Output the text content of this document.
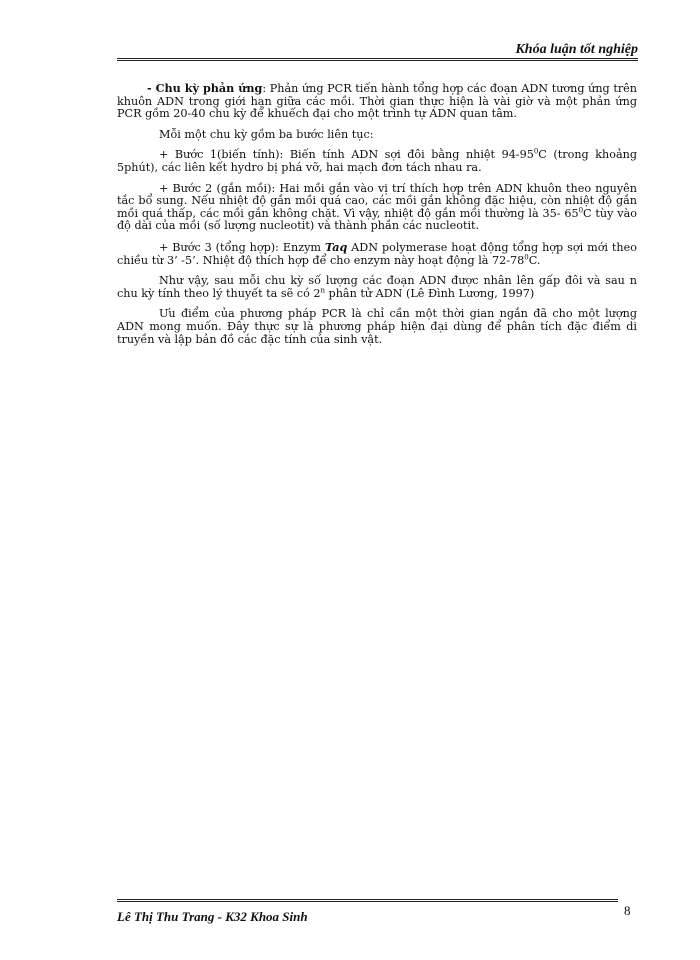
Khóa luận tốt nghiệp

- Chu kỳ phản ứng: Phản ứng PCR tiến hành tổng hợp các đoạn ADN tương ứng trên khuôn ADN trong giới hạn giữa các mồi. Thời gian thực hiện là vài giờ và một phản ứng PCR gồm 20-40 chu kỳ để khuếch đại cho một trình tự ADN quan tâm.

Mỗi một chu kỳ gồm ba bước liên tục:

+ Bước 1(biến tính): Biến tính ADN sợi đôi bằng nhiệt $94-95^0C$ (trong khoảng 5phút), các liên kết hydro bị phá vỡ, hai mạch đơn tách nhau ra.

+ Bước 2 (gắn mồi): Hai mồi gắn vào vị trí thích hợp trên ADN khuôn theo nguyên tắc bổ sung. Nếu nhiệt độ gắn mồi quá cao, các mồi gắn không đặc hiệu, còn nhiệt độ gắn mồi quá thấp, các mồi gắn không chặt. Vì vậy, nhiệt độ gắn mồi thường là 35- $65^0C$ tùy vào độ dài của mồi (số lượng nucleotit) và thành phần các nucleotit.

+ Bước 3 (tổng hợp): Enzym Taq ADN polymerase hoạt động tổng hợp sợi mới theo chiều từ 3’ -5’. Nhiệt độ thích hợp để cho enzym này hoạt động là $72-78^0C$.

Như vậy, sau mỗi chu kỳ số lượng các đoạn ADN được nhân lên gấp đôi và sau n chu kỳ tính theo lý thuyết ta sẽ có 2$^n$ phân tử ADN (Lê Đình Lương, 1997)

Ưu điểm của phương pháp PCR là chỉ cần một thời gian ngắn đã cho một lượng ADN mong muốn. Đây thực sự là phương pháp hiện đại dùng để phân tích đặc điểm di truyền và lập bản đồ các đặc tính của sinh vật.

Lê Thị Thu Trang - K32 Khoa Sinh	8
